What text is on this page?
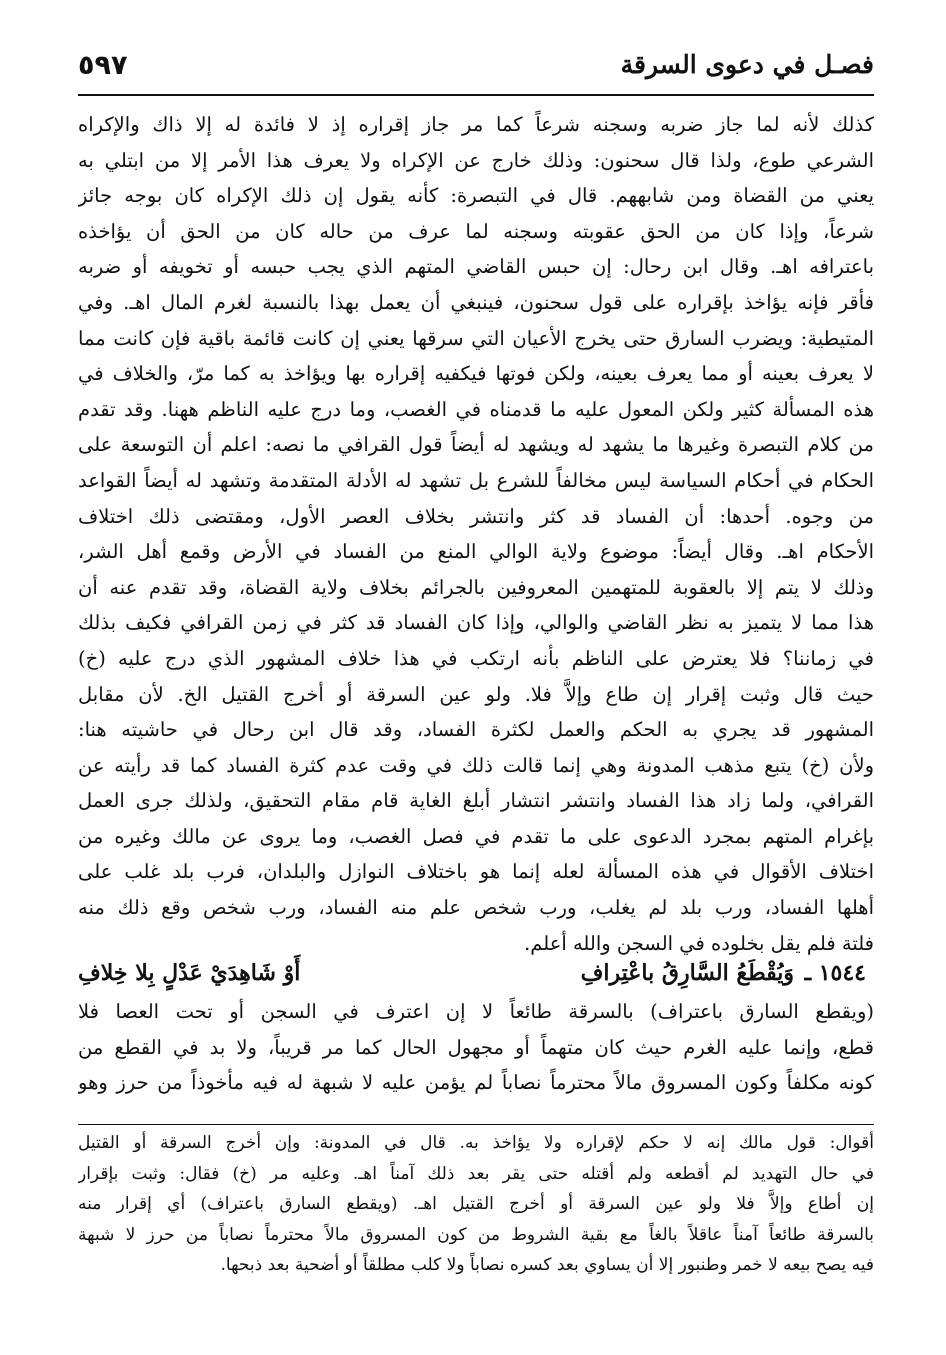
٥٩٧	فصـل في دعوى السرقة
كذلك لأنه لما جاز ضربه وسجنه شرعاً كما مر جاز إقراره إذ لا فائدة له إلا ذاك والإكراه
الشرعي طوع، ولذا قال سحنون: وذلك خارج عن الإكراه ولا يعرف هذا الأمر إلا من ابتلي به
يعني من القضاة ومن شابههم. قال في التبصرة: كأنه يقول إن ذلك الإكراه كان بوجه جائز
شرعاً، وإذا كان من الحق عقوبته وسجنه لما عرف من حاله كان من الحق أن يؤاخذه
باعترافه اهـ. وقال ابن رحال: إن حبس القاضي المتهم الذي يجب حبسه أو تخويفه أو ضربه
فأقر فإنه يؤاخذ بإقراره على قول سحنون، فينبغي أن يعمل بهذا بالنسبة لغرم المال اهـ. وفي
المتيطية: ويضرب السارق حتى يخرج الأعيان التي سرقها يعني إن كانت قائمة باقية فإن كانت مما
لا يعرف بعينه أو مما يعرف بعينه، ولكن فوتها فيكفيه إقراره بها ويؤاخذ به كما مرّ، والخلاف في
هذه المسألة كثير ولكن المعول عليه ما قدمناه في الغصب، وما درج عليه الناظم ههنا. وقد تقدم
من كلام التبصرة وغيرها ما يشهد له ويشهد له أيضاً قول القرافي ما نصه: اعلم أن التوسعة على
الحكام في أحكام السياسة ليس مخالفاً للشرع بل تشهد له الأدلة المتقدمة وتشهد له أيضاً القواعد
من وجوه. أحدها: أن الفساد قد كثر وانتشر بخلاف العصر الأول، ومقتضى ذلك اختلاف
الأحكام اهـ. وقال أيضاً: موضوع ولاية الوالي المنع من الفساد في الأرض وقمع أهل الشر،
وذلك لا يتم إلا بالعقوبة للمتهمين المعروفين بالجرائم بخلاف ولاية القضاة، وقد تقدم عنه أن
هذا مما لا يتميز به نظر القاضي والوالي، وإذا كان الفساد قد كثر في زمن القرافي فكيف بذلك
في زماننا؟ فلا يعترض على الناظم بأنه ارتكب في هذا خلاف المشهور الذي درج عليه (خ)
حيث قال وثبت إقرار إن طاع وإلاَّ فلا. ولو عين السرقة أو أخرج القتيل الخ. لأن مقابل
المشهور قد يجري به الحكم والعمل لكثرة الفساد، وقد قال ابن رحال في حاشيته هنا:
ولأن (خ) يتبع مذهب المدونة وهي إنما قالت ذلك في وقت عدم كثرة الفساد كما قد رأيته عن
القرافي، ولما زاد هذا الفساد وانتشر انتشار أبلغ الغاية قام مقام التحقيق، ولذلك جرى العمل
بإغرام المتهم بمجرد الدعوى على ما تقدم في فصل الغصب، وما يروى عن مالك وغيره من
اختلاف الأقوال في هذه المسألة لعله إنما هو باختلاف النوازل والبلدان، فرب بلد غلب على
أهلها الفساد، ورب بلد لم يغلب، ورب شخص علم منه الفساد، ورب شخص وقع ذلك منه
فلتة فلم يقل بخلوده في السجن والله أعلم.
١٥٤٤ ـ
وَيُقْطَعُ السَّارِقُ باعْتِرافِ
أَوْ شَاهِدَيْ عَدْلٍ بِلا خِلافِ
(ويقطع السارق باعتراف) بالسرقة طائعاً لا إن اعترف في السجن أو تحت العصا فلا
قطع، وإنما عليه الغرم حيث كان متهماً أو مجهول الحال كما مر قريباً، ولا بد في القطع من
كونه مكلفاً وكون المسروق مالاً محترماً نصاباً لم يؤمن عليه لا شبهة له فيه مأخوذاً من حرز وهو
أقوال: قول مالك إنه لا حكم لإقراره ولا يؤاخذ به. قال في المدونة: وإن أخرج السرقة أو القتيل
في حال التهديد لم أقطعه ولم أقتله حتى يقر بعد ذلك آمناً اهـ. وعليه مر (خ) فقال: وثبت بإقرار
إن أطاع وإلاَّ فلا ولو عين السرقة أو أخرج القتيل اهـ. (ويقطع السارق باعتراف) أي إقرار منه
بالسرقة طائعاً آمناً عاقلاً بالغاً مع بقية الشروط من كون المسروق مالاً محترماً نصاباً من حرز لا شبهة
فيه يصح بيعه لا خمر وطنبور إلا أن يساوي بعد كسره نصاباً ولا كلب مطلقاً أو أضحية بعد ذبحها.
